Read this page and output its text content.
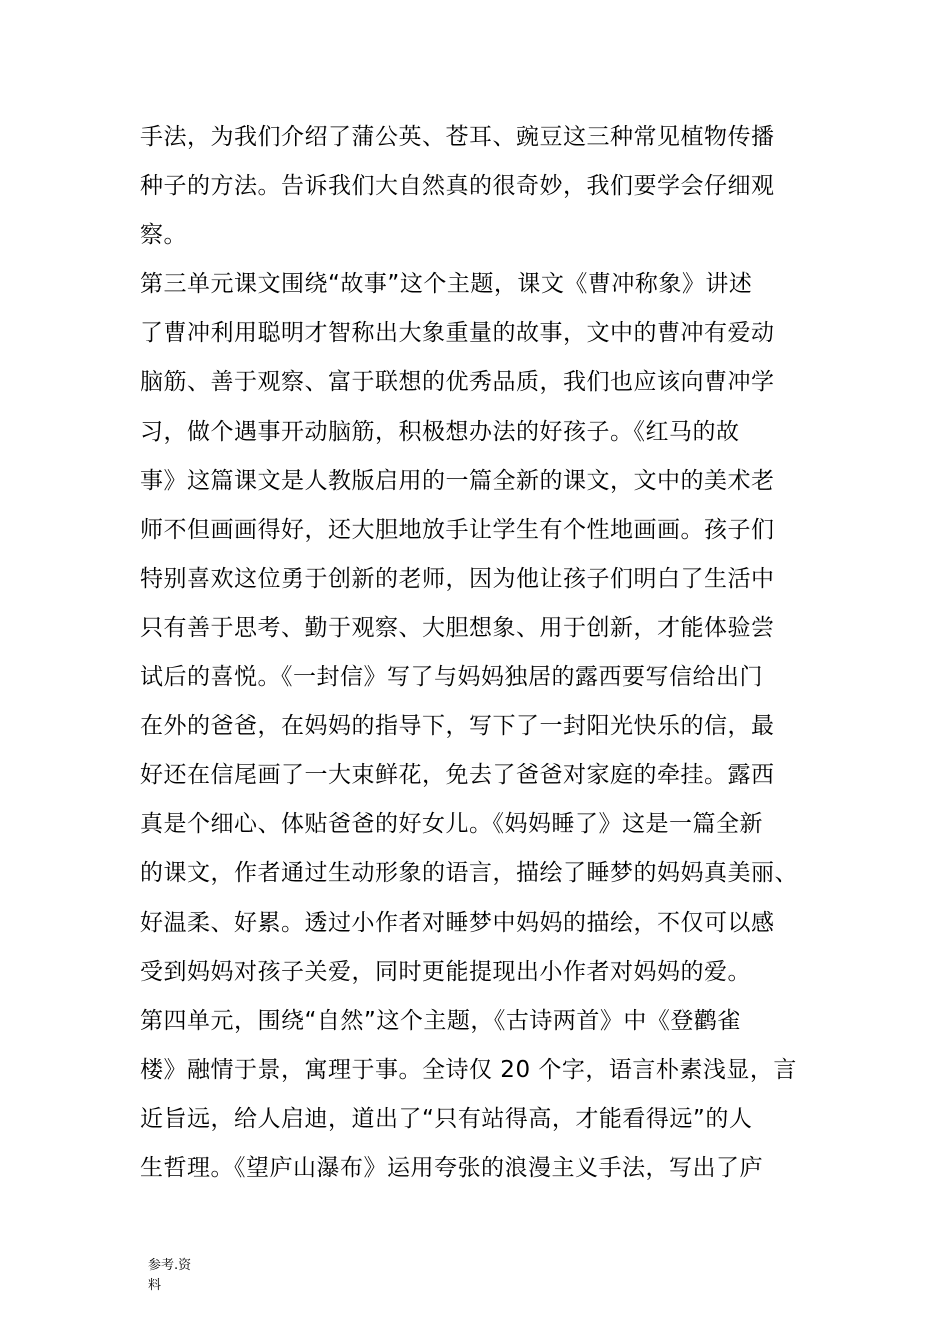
手法，为我们介绍了蒲公英、苍耳、豌豆这三种常见植物传播
种子的方法。告诉我们大自然真的很奇妙，我们要学会仔细观
察。
第三单元课文围绕“故事”这个主题，课文《曹冲称象》讲述
了曹冲利用聪明才智称出大象重量的故事，文中的曹冲有爱动
脑筋、善于观察、富于联想的优秀品质，我们也应该向曹冲学
习，做个遇事开动脑筋，积极想办法的好孩子。《红马的故
事》这篇课文是人教版启用的一篇全新的课文，文中的美术老
师不但画画得好，还大胆地放手让学生有个性地画画。孩子们
特别喜欢这位勇于创新的老师，因为他让孩子们明白了生活中
只有善于思考、勤于观察、大胆想象、用于创新，才能体验尝
试后的喜悦。《一封信》写了与妈妈独居的露西要写信给出门
在外的爸爸，在妈妈的指导下，写下了一封阳光快乐的信，最
好还在信尾画了一大束鲜花，免去了爸爸对家庭的牵挂。露西
真是个细心、体贴爸爸的好女儿。《妈妈睡了》这是一篇全新
的课文，作者通过生动形象的语言，描绘了睡梦的妈妈真美丽、
好温柔、好累。透过小作者对睡梦中妈妈的描绘，不仅可以感
受到妈妈对孩子关爱，同时更能提现出小作者对妈妈的爱。
第四单元，围绕“自然”这个主题，《古诗两首》中《登鹳雀
楼》融情于景，寓理于事。全诗仅 20 个字，语言朴素浅显，言
近旨远，给人启迪，道出了“只有站得高，才能看得远”的人
生哲理。《望庐山瀑布》运用夸张的浪漫主义手法，写出了庐
参考.资
料
